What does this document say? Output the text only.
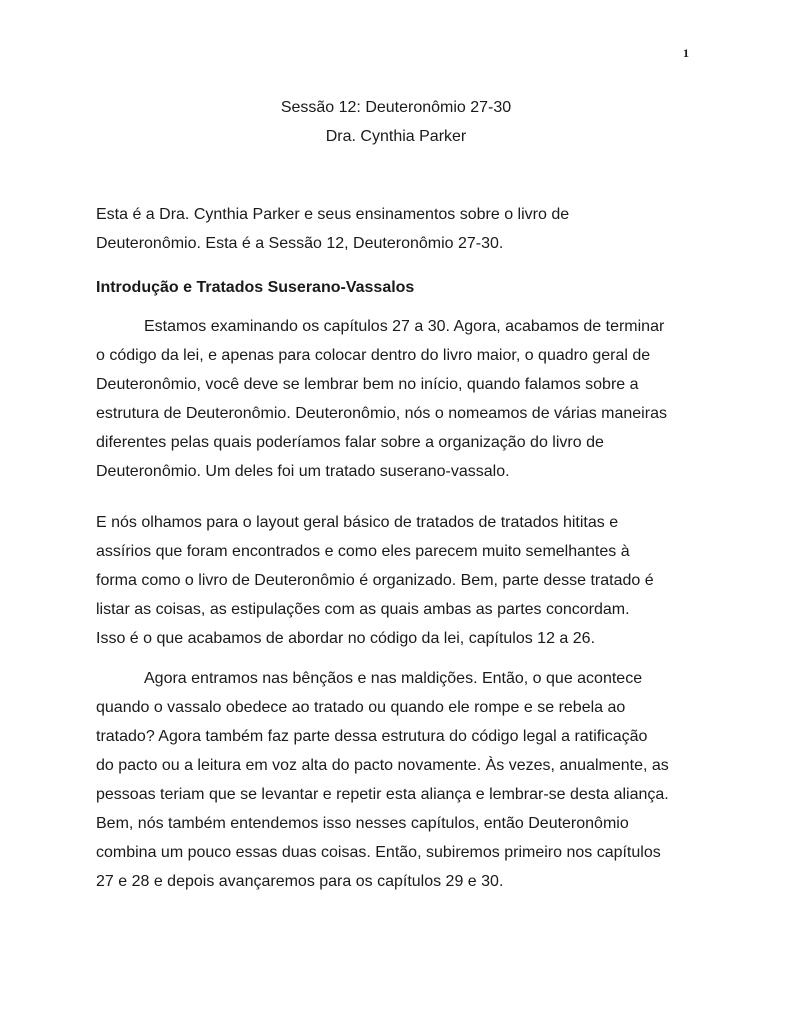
1
Sessão 12: Deuteronômio 27-30
Dra. Cynthia Parker
Esta é a Dra. Cynthia Parker e seus ensinamentos sobre o livro de
Deuteronômio. Esta é a Sessão 12, Deuteronômio 27-30.
Introdução e Tratados Suserano-Vassalos
Estamos examinando os capítulos 27 a 30. Agora, acabamos de terminar
o código da lei, e apenas para colocar dentro do livro maior, o quadro geral de
Deuteronômio, você deve se lembrar bem no início, quando falamos sobre a
estrutura de Deuteronômio. Deuteronômio, nós o nomeamos de várias maneiras
diferentes pelas quais poderíamos falar sobre a organização do livro de
Deuteronômio. Um deles foi um tratado suserano-vassalo.
E nós olhamos para o layout geral básico de tratados de tratados hititas e
assírios que foram encontrados e como eles parecem muito semelhantes à
forma como o livro de Deuteronômio é organizado. Bem, parte desse tratado é
listar as coisas, as estipulações com as quais ambas as partes concordam.
Isso é o que acabamos de abordar no código da lei, capítulos 12 a 26.
Agora entramos nas bênçãos e nas maldições. Então, o que acontece
quando o vassalo obedece ao tratado ou quando ele rompe e se rebela ao
tratado? Agora também faz parte dessa estrutura do código legal a ratificação
do pacto ou a leitura em voz alta do pacto novamente. Às vezes, anualmente, as
pessoas teriam que se levantar e repetir esta aliança e lembrar-se desta aliança.
Bem, nós também entendemos isso nesses capítulos, então Deuteronômio
combina um pouco essas duas coisas. Então, subiremos primeiro nos capítulos
27 e 28 e depois avançaremos para os capítulos 29 e 30.
